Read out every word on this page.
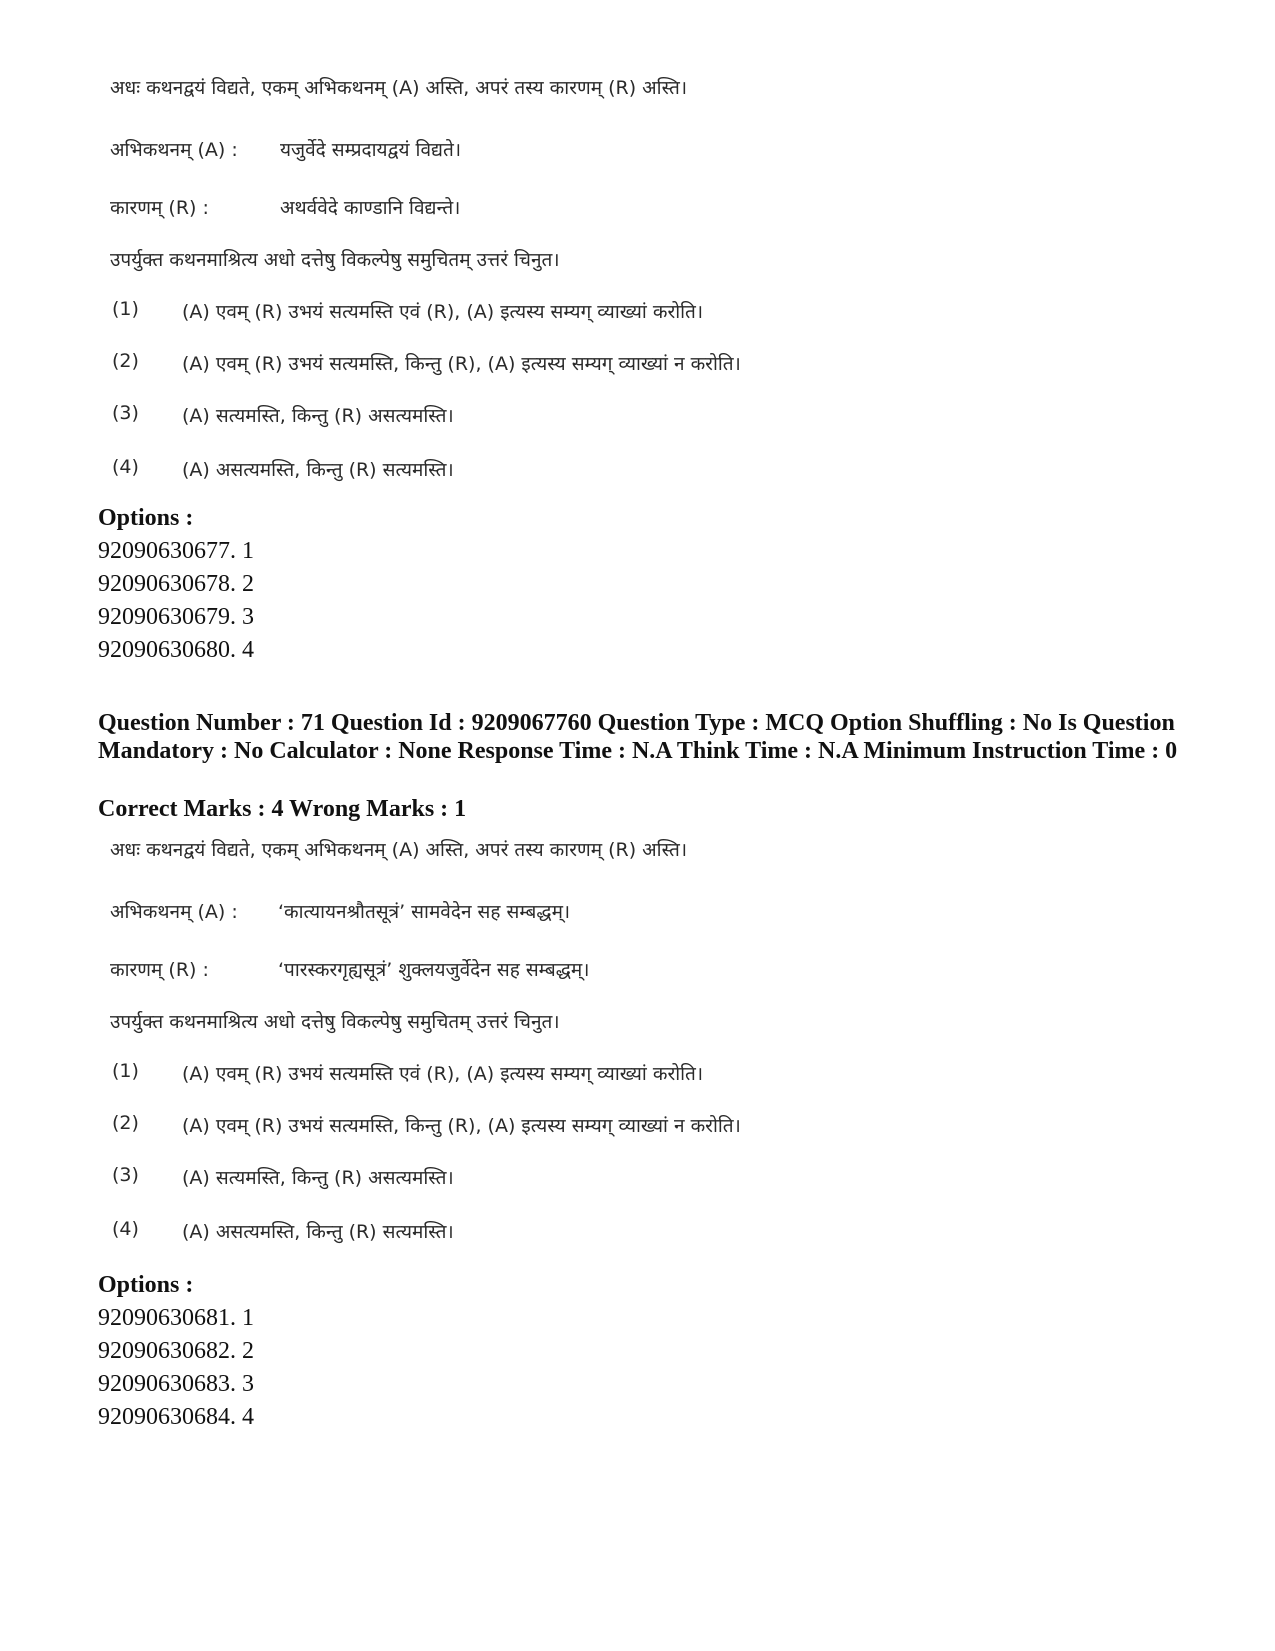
अधः कथनद्वयं विद्यते, एकम् अभिकथनम् (A) अस्ति, अपरं तस्य कारणम् (R) अस्ति।
अभिकथनम् (A) : यजुर्वेदे सम्प्रदायद्वयं विद्यते।
कारणम् (R) :	अथर्ववेदे काण्डानि विद्यन्ते।
उपर्युक्त कथनमाश्रित्य अधो दत्तेषु विकल्पेषु समुचितम् उत्तरं चिनुत।
(1) (A) एवम् (R) उभयं सत्यमस्ति एवं (R), (A) इत्यस्य सम्यग् व्याख्यां करोति।
(2) (A) एवम् (R) उभयं सत्यमस्ति, किन्तु (R), (A) इत्यस्य सम्यग् व्याख्यां न करोति।
(3) (A) सत्यमस्ति, किन्तु (R) असत्यमस्ति।
(4) (A) असत्यमस्ति, किन्तु (R) सत्यमस्ति।
Options :
92090630677. 1
92090630678. 2
92090630679. 3
92090630680. 4
Question Number : 71 Question Id : 9209067760 Question Type : MCQ Option Shuffling : No Is Question Mandatory : No Calculator : None Response Time : N.A Think Time : N.A Minimum Instruction Time : 0
Correct Marks : 4 Wrong Marks : 1
अधः कथनद्वयं विद्यते, एकम् अभिकथनम् (A) अस्ति, अपरं तस्य कारणम् (R) अस्ति।
अभिकथनम् (A) : ‘कात्यायनश्रौतसूत्रं’ सामवेदेन सह सम्बद्धम्।
कारणम् (R) :	‘पारस्करगृह्यसूत्रं’ शुक्लयजुर्वेदेन सह सम्बद्धम्।
उपर्युक्त कथनमाश्रित्य अधो दत्तेषु विकल्पेषु समुचितम् उत्तरं चिनुत।
(1) (A) एवम् (R) उभयं सत्यमस्ति एवं (R), (A) इत्यस्य सम्यग् व्याख्यां करोति।
(2) (A) एवम् (R) उभयं सत्यमस्ति, किन्तु (R), (A) इत्यस्य सम्यग् व्याख्यां न करोति।
(3) (A) सत्यमस्ति, किन्तु (R) असत्यमस्ति।
(4) (A) असत्यमस्ति, किन्तु (R) सत्यमस्ति।
Options :
92090630681. 1
92090630682. 2
92090630683. 3
92090630684. 4
